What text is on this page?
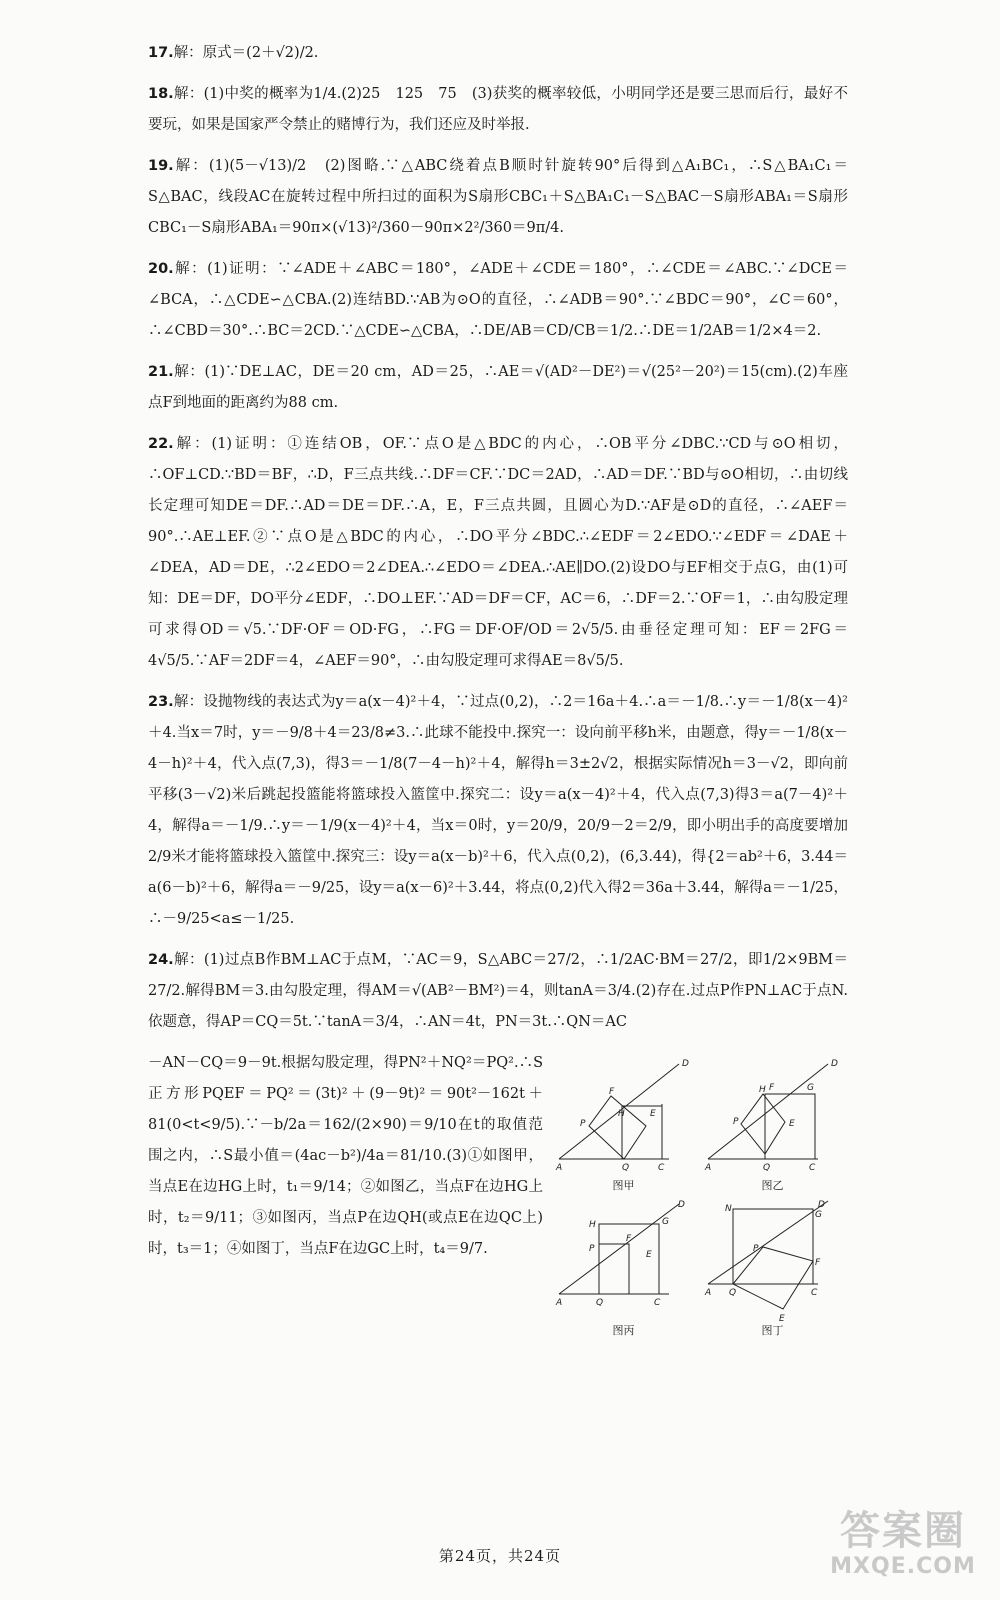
17.解：原式＝(2＋√2)/2.
18.解：(1)中奖的概率为1/4.(2)25　125　75　(3)获奖的概率较低，小明同学还是要三思而后行，最好不要玩，如果是国家严令禁止的赌博行为，我们还应及时举报.
19.解：(1)(5－√13)/2　(2)图略.∵△ABC绕着点B顺时针旋转90°后得到△A₁BC₁，∴S△BA₁C₁＝S△BAC，线段AC在旋转过程中所扫过的面积为S扇形CBC₁＋S△BA₁C₁－S△BAC－S扇形ABA₁＝S扇形CBC₁－S扇形ABA₁＝90π×(√13)²/360－90π×2²/360＝9π/4.
20.解：(1)证明：∵∠ADE＋∠ABC＝180°，∠ADE＋∠CDE＝180°，∴∠CDE＝∠ABC.∵∠DCE＝∠BCA，∴△CDE∽△CBA.(2)连结BD.∵AB为⊙O的直径，∴∠ADB＝90°.∵∠BDC＝90°，∠C＝60°，∴∠CBD＝30°.∴BC＝2CD.∵△CDE∽△CBA，∴DE/AB＝CD/CB＝1/2.∴DE＝1/2AB＝1/2×4＝2.
21.解：(1)∵DE⊥AC，DE＝20 cm，AD＝25，∴AE＝√(AD²－DE²)＝√(25²－20²)＝15(cm).(2)车座点F到地面的距离约为88 cm.
22.解：(1)证明：①连结OB，OF.∵点O是△BDC的内心，∴OB平分∠DBC.∵CD与⊙O相切，∴OF⊥CD.∵BD＝BF，∴D，F三点共线.∴DF＝CF.∵DC＝2AD，∴AD＝DF.∵BD与⊙O相切，∴由切线长定理可知DE＝DF.∴AD＝DE＝DF.∴A，E，F三点共圆，且圆心为D.∵AF是⊙D的直径，∴∠AEF＝90°.∴AE⊥EF.②∵点O是△BDC的内心，∴DO平分∠BDC.∴∠EDF＝2∠EDO.∵∠EDF＝∠DAE＋∠DEA，AD＝DE，∴2∠EDO＝2∠DEA.∴∠EDO＝∠DEA.∴AE∥DO.(2)设DO与EF相交于点G，由(1)可知：DE＝DF，DO平分∠EDF，∴DO⊥EF.∵AD＝DF＝CF，AC＝6，∴DF＝2.∵OF＝1，∴由勾股定理可求得OD＝√5.∵DF·OF＝OD·FG，∴FG＝DF·OF/OD＝2√5/5.由垂径定理可知：EF＝2FG＝4√5/5.∵AF＝2DF＝4，∠AEF＝90°，∴由勾股定理可求得AE＝8√5/5.
23.解：设抛物线的表达式为y＝a(x－4)²＋4，∵过点(0,2)，∴2＝16a＋4.∴a＝－1/8.∴y＝－1/8(x－4)²＋4.当x＝7时，y＝－9/8＋4＝23/8≠3.∴此球不能投中.探究一：设向前平移h米，由题意，得y＝－1/8(x－4－h)²＋4，代入点(7,3)，得3＝－1/8(7－4－h)²＋4，解得h＝3±2√2，根据实际情况h＝3－√2，即向前平移(3－√2)米后跳起投篮能将篮球投入篮筐中.探究二：设y＝a(x－4)²＋4，代入点(7,3)得3＝a(7－4)²＋4，解得a＝－1/9.∴y＝－1/9(x－4)²＋4，当x＝0时，y＝20/9，20/9－2＝2/9，即小明出手的高度要增加2/9米才能将篮球投入篮筐中.探究三：设y＝a(x－b)²＋6，代入点(0,2)，(6,3.44)，得{2＝ab²＋6，3.44＝a(6－b)²＋6，解得a＝－9/25，设y＝a(x－6)²＋3.44，将点(0,2)代入得2＝36a＋3.44，解得a＝－1/25，∴－9/25<a≤－1/25.
24.解：(1)过点B作BM⊥AC于点M，∵AC＝9，S△ABC＝27/2，∴1/2AC·BM＝27/2，即1/2×9BM＝27/2.解得BM＝3.由勾股定理，得AM＝√(AB²－BM²)＝4，则tanA＝3/4.(2)存在.过点P作PN⊥AC于点N.依题意，得AP＝CQ＝5t.∵tanA＝3/4，∴AN＝4t，PN＝3t.∴QN＝AC
－AN－CQ＝9－9t.根据勾股定理，得PN²＋NQ²＝PQ².∴S正方形PQEF＝PQ²＝(3t)²＋(9－9t)²＝90t²－162t＋81(0<t<9/5).∵－b/2a＝162/(2×90)＝9/10在t的取值范围之内，∴S最小值＝(4ac－b²)/4a＝81/10.(3)①如图甲，当点E在边HG上时，t₁＝9/14；②如图乙，当点F在边HG上时，t₂＝9/11；③如图丙，当点P在边QH(或点E在边QC上)时，t₃＝1；④如图丁，当点F在边GC上时，t₄＝9/7.
A
D
F
P
H	E
Q	C
图甲
A
D
H F	G
P	E
Q	C
图乙
A
D
G
H
P
F
E
Q	C
图丙
A
D
N
G
P
Q
F
C
E
图丁
第24页，共24页
答案圈
MXQE.COM
